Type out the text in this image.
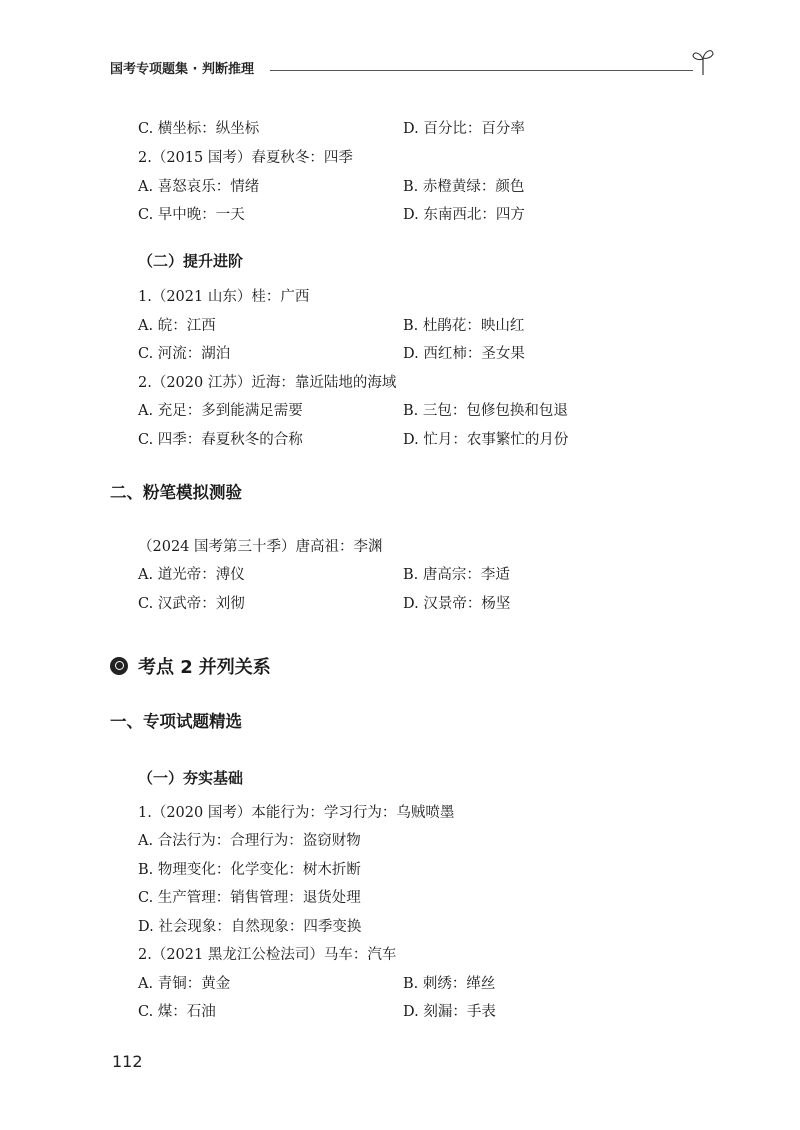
国考专项题集 · 判断推理
C. 横坐标：纵坐标	D. 百分比：百分率
2.（2015 国考）春夏秋冬：四季
A. 喜怒哀乐：情绪	B. 赤橙黄绿：颜色
C. 早中晚：一天	D. 东南西北：四方
（二）提升进阶
1.（2021 山东）桂：广西
A. 皖：江西	B. 杜鹃花：映山红
C. 河流：湖泊	D. 西红柿：圣女果
2.（2020 江苏）近海：靠近陆地的海域
A. 充足：多到能满足需要	B. 三包：包修包换和包退
C. 四季：春夏秋冬的合称	D. 忙月：农事繁忙的月份
二、粉笔模拟测验
（2024 国考第三十季）唐高祖：李渊
A. 道光帝：溥仪	B. 唐高宗：李适
C. 汉武帝：刘彻	D. 汉景帝：杨坚
考点 2 并列关系
一、专项试题精选
（一）夯实基础
1.（2020 国考）本能行为：学习行为：乌贼喷墨
A. 合法行为：合理行为：盗窃财物
B. 物理变化：化学变化：树木折断
C. 生产管理：销售管理：退货处理
D. 社会现象：自然现象：四季变换
2.（2021 黑龙江公检法司）马车：汽车
A. 青铜：黄金	B. 刺绣：缂丝
C. 煤：石油	D. 刻漏：手表
112
